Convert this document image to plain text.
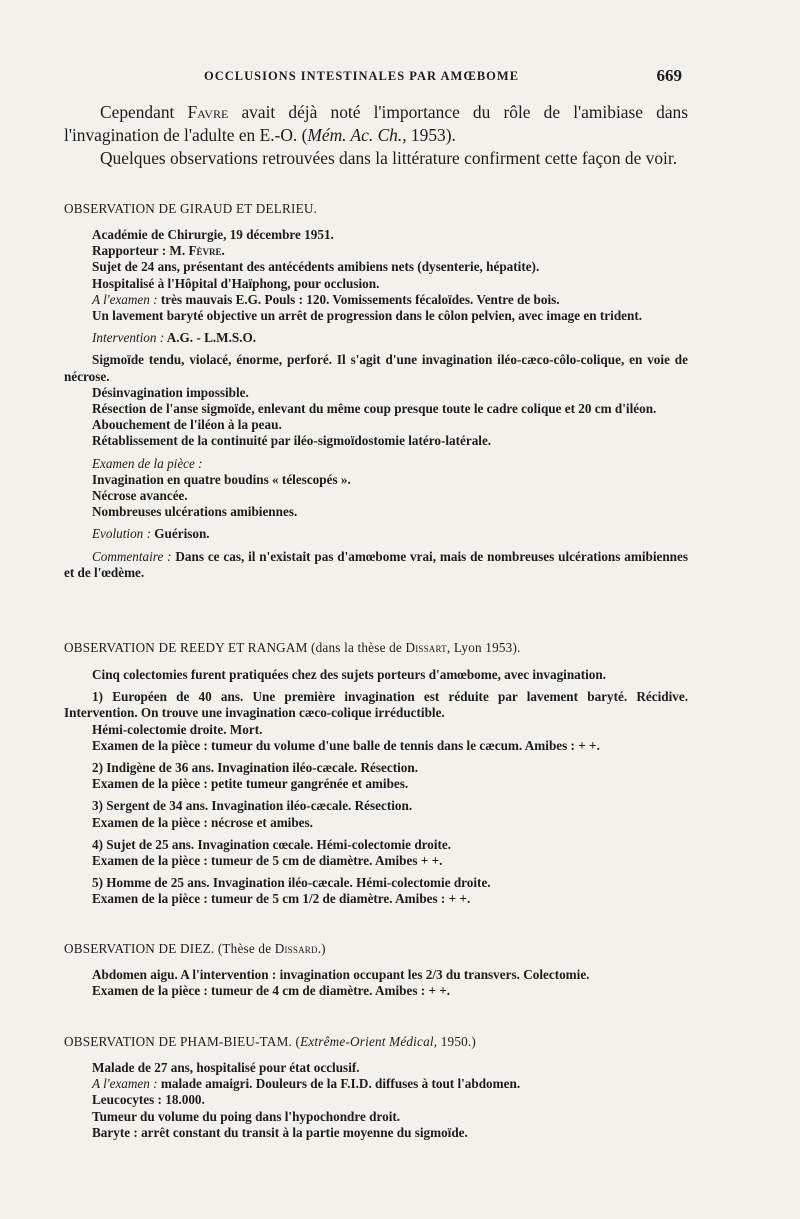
OCCLUSIONS INTESTINALES PAR AMŒBOME	669

Cependant Favre avait déjà noté l'importance du rôle de l'amibiase dans l'invagination de l'adulte en E.-O. (Mém. Ac. Ch., 1953).

Quelques observations retrouvées dans la littérature confirment cette façon de voir.

OBSERVATION DE GIRAUD ET DELRIEU.

Académie de Chirurgie, 19 décembre 1951.

Rapporteur : M. Fèvre.

Sujet de 24 ans, présentant des antécédents amibiens nets (dysenterie, hépatite).

Hospitalisé à l'Hôpital d'Haïphong, pour occlusion.

A l'examen : très mauvais E.G. Pouls : 120. Vomissements fécaloïdes. Ventre de bois.

Un lavement baryté objective un arrêt de progression dans le côlon pelvien, avec image en trident.

Intervention : A.G. - L.M.S.O.

Sigmoïde tendu, violacé, énorme, perforé. Il s'agit d'une invagination iléo-cæco-côlo-colique, en voie de nécrose.

Désinvagination impossible.

Résection de l'anse sigmoïde, enlevant du même coup presque toute le cadre colique et 20 cm d'iléon.

Abouchement de l'iléon à la peau.

Rétablissement de la continuité par iléo-sigmoïdostomie latéro-latérale.

Examen de la pièce :

Invagination en quatre boudins « télescopés ».

Nécrose avancée.

Nombreuses ulcérations amibiennes.

Evolution : Guérison.

Commentaire : Dans ce cas, il n'existait pas d'amœbome vrai, mais de nombreuses ulcérations amibiennes et de l'œdème.

OBSERVATION DE REEDY ET RANGAM (dans la thèse de Dissart, Lyon 1953).

Cinq colectomies furent pratiquées chez des sujets porteurs d'amœbome, avec invagination.

1) Européen de 40 ans. Une première invagination est réduite par lavement baryté. Récidive. Intervention. On trouve une invagination cæco-colique irréductible.

Hémi-colectomie droite. Mort.

Examen de la pièce : tumeur du volume d'une balle de tennis dans le cæcum. Amibes : + +.

2) Indigène de 36 ans. Invagination iléo-cæcale. Résection.

Examen de la pièce : petite tumeur gangrénée et amibes.

3) Sergent de 34 ans. Invagination iléo-cæcale. Résection.

Examen de la pièce : nécrose et amibes.

4) Sujet de 25 ans. Invagination cœcale. Hémi-colectomie droite.

Examen de la pièce : tumeur de 5 cm de diamètre. Amibes + +.

5) Homme de 25 ans. Invagination iléo-cæcale. Hémi-colectomie droite.

Examen de la pièce : tumeur de 5 cm 1/2 de diamètre. Amibes : + +.

OBSERVATION DE DIEZ. (Thèse de Dissard.)

Abdomen aigu. A l'intervention : invagination occupant les 2/3 du transvers. Colectomie.

Examen de la pièce : tumeur de 4 cm de diamètre. Amibes : + +.

OBSERVATION DE PHAM-BIEU-TAM. (Extrême-Orient Médical, 1950.)

Malade de 27 ans, hospitalisé pour état occlusif.

A l'examen : malade amaigri. Douleurs de la F.I.D. diffuses à tout l'abdomen.

Leucocytes : 18.000.

Tumeur du volume du poing dans l'hypochondre droit.

Baryte : arrêt constant du transit à la partie moyenne du sigmoïde.
